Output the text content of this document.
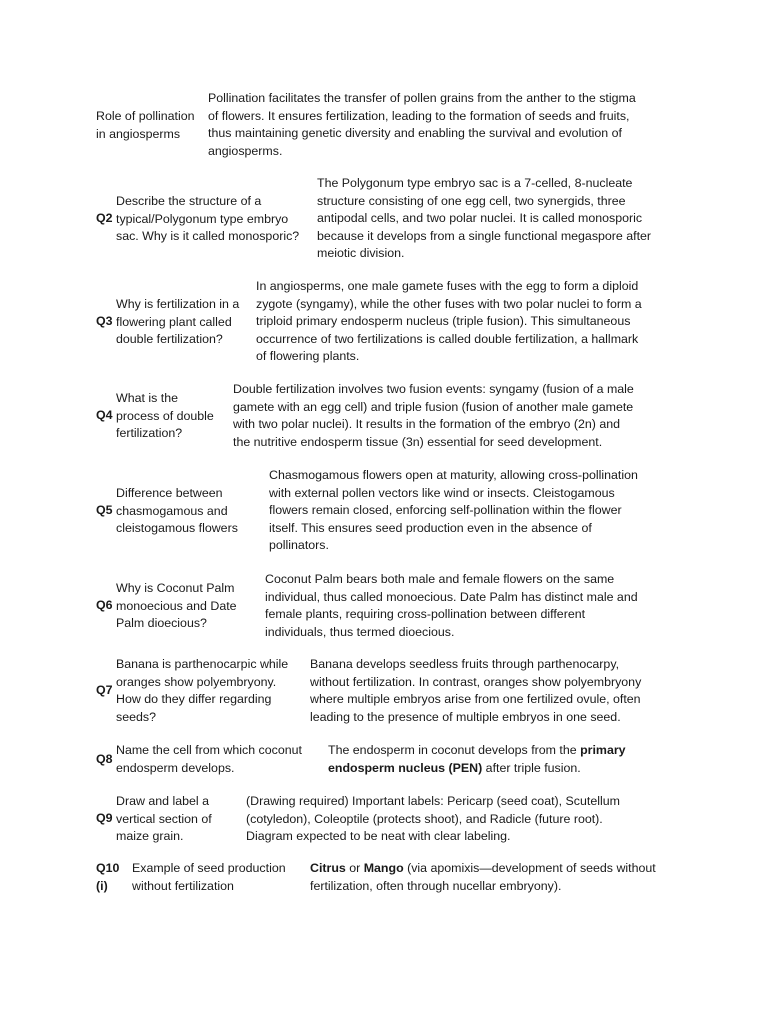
Role of pollination
in angiosperms
Pollination facilitates the transfer of pollen grains from the anther to the stigma
of flowers. It ensures fertilization, leading to the formation of seeds and fruits,
thus maintaining genetic diversity and enabling the survival and evolution of
angiosperms.
Q2
Describe the structure of a
typical/Polygonum type embryo
sac. Why is it called monosporic?
The Polygonum type embryo sac is a 7-celled, 8-nucleate
structure consisting of one egg cell, two synergids, three
antipodal cells, and two polar nuclei. It is called monosporic
because it develops from a single functional megaspore after
meiotic division.
Q3
Why is fertilization in a
flowering plant called
double fertilization?
In angiosperms, one male gamete fuses with the egg to form a diploid
zygote (syngamy), while the other fuses with two polar nuclei to form a
triploid primary endosperm nucleus (triple fusion). This simultaneous
occurrence of two fertilizations is called double fertilization, a hallmark
of flowering plants.
Q4
What is the
process of double
fertilization?
Double fertilization involves two fusion events: syngamy (fusion of a male
gamete with an egg cell) and triple fusion (fusion of another male gamete
with two polar nuclei). It results in the formation of the embryo (2n) and
the nutritive endosperm tissue (3n) essential for seed development.
Q5
Difference between
chasmogamous and
cleistogamous flowers
Chasmogamous flowers open at maturity, allowing cross-pollination
with external pollen vectors like wind or insects. Cleistogamous
flowers remain closed, enforcing self-pollination within the flower
itself. This ensures seed production even in the absence of
pollinators.
Q6
Why is Coconut Palm
monoecious and Date
Palm dioecious?
Coconut Palm bears both male and female flowers on the same
individual, thus called monoecious. Date Palm has distinct male and
female plants, requiring cross-pollination between different
individuals, thus termed dioecious.
Q7
Banana is parthenocarpic while
oranges show polyembryony.
How do they differ regarding
seeds?
Banana develops seedless fruits through parthenocarpy,
without fertilization. In contrast, oranges show polyembryony
where multiple embryos arise from one fertilized ovule, often
leading to the presence of multiple embryos in one seed.
Q8
Name the cell from which coconut
endosperm develops.
The endosperm in coconut develops from the primary
endosperm nucleus (PEN) after triple fusion.
Q9
Draw and label a
vertical section of
maize grain.
(Drawing required) Important labels: Pericarp (seed coat), Scutellum
(cotyledon), Coleoptile (protects shoot), and Radicle (future root).
Diagram expected to be neat with clear labeling.
Q10
(i)
Example of seed production
without fertilization
Citrus or Mango (via apomixis—development of seeds without
fertilization, often through nucellar embryony).
